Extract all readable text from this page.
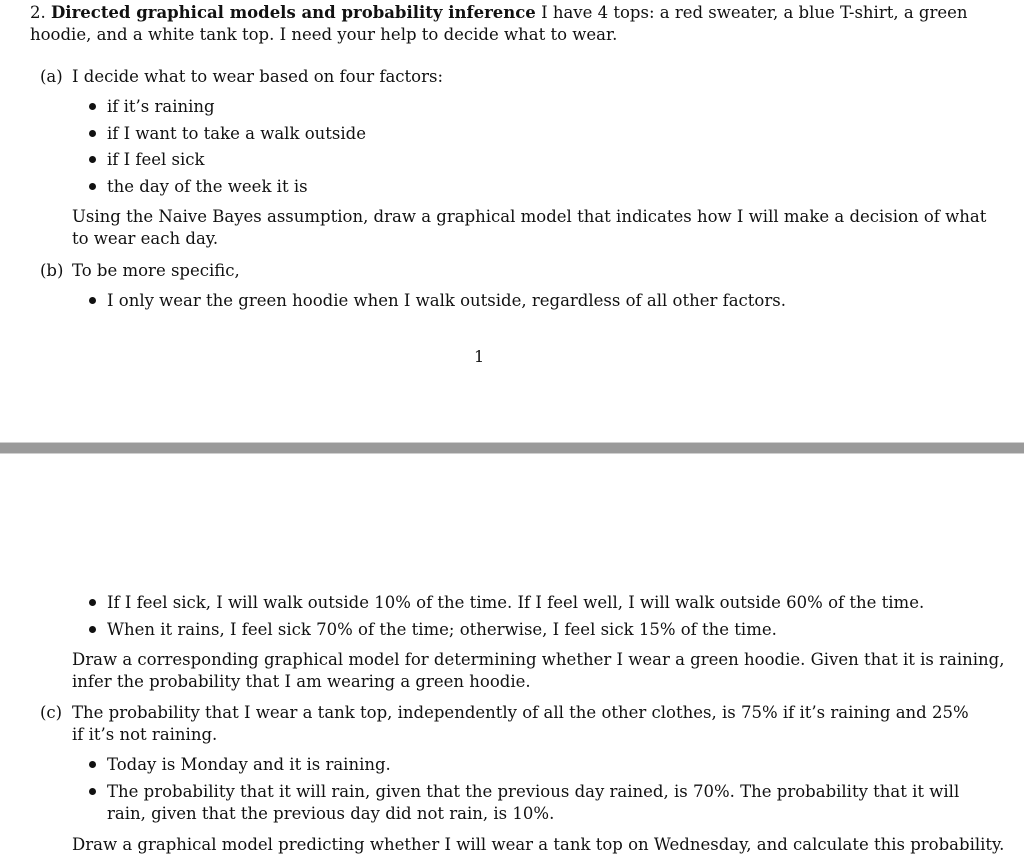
2. Directed graphical models and probability inference I have 4 tops: a red sweater, a blue T-shirt, a green
hoodie, and a white tank top. I need your help to decide what to wear.
(a) I decide what to wear based on four factors:
if it’s raining
if I want to take a walk outside
if I feel sick
the day of the week it is
Using the Naive Bayes assumption, draw a graphical model that indicates how I will make a decision of what
to wear each day.
(b) To be more specific,
I only wear the green hoodie when I walk outside, regardless of all other factors.
1
If I feel sick, I will walk outside 10% of the time. If I feel well, I will walk outside 60% of the time.
When it rains, I feel sick 70% of the time; otherwise, I feel sick 15% of the time.
Draw a corresponding graphical model for determining whether I wear a green hoodie. Given that it is raining,
infer the probability that I am wearing a green hoodie.
(c) The probability that I wear a tank top, independently of all the other clothes, is 75% if it’s raining and 25%
if it’s not raining.
Today is Monday and it is raining.
The probability that it will rain, given that the previous day rained, is 70%. The probability that it will
rain, given that the previous day did not rain, is 10%.
Draw a graphical model predicting whether I will wear a tank top on Wednesday, and calculate this probability.
